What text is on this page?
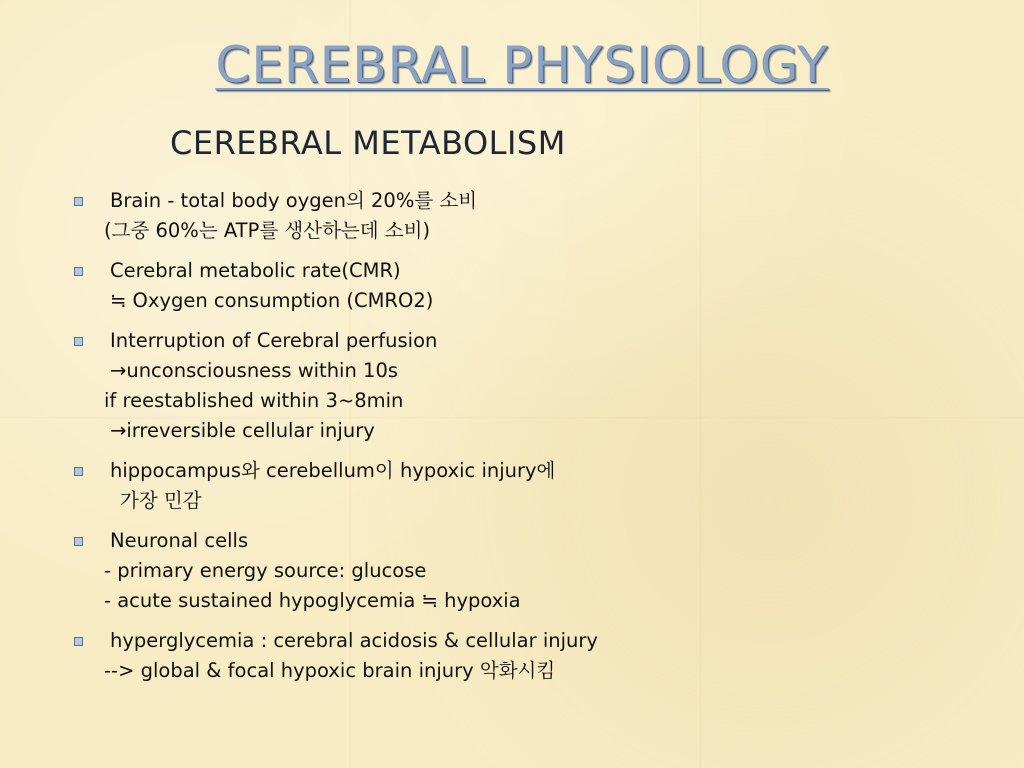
CEREBRAL PHYSIOLOGY
CEREBRAL METABOLISM
Brain - total body oygen의 20%를 소비
(그중 60%는 ATP를 생산하는데 소비)
Cerebral metabolic rate(CMR)
≒ Oxygen consumption (CMRO2)
Interruption of Cerebral perfusion
→unconsciousness within 10s
if reestablished within 3~8min
→irreversible cellular injury
hippocampus와 cerebellum이 hypoxic injury에
가장 민감
Neuronal cells
- primary energy source: glucose
- acute sustained hypoglycemia ≒ hypoxia
hyperglycemia : cerebral acidosis & cellular injury
--> global & focal hypoxic brain injury 악화시킴
